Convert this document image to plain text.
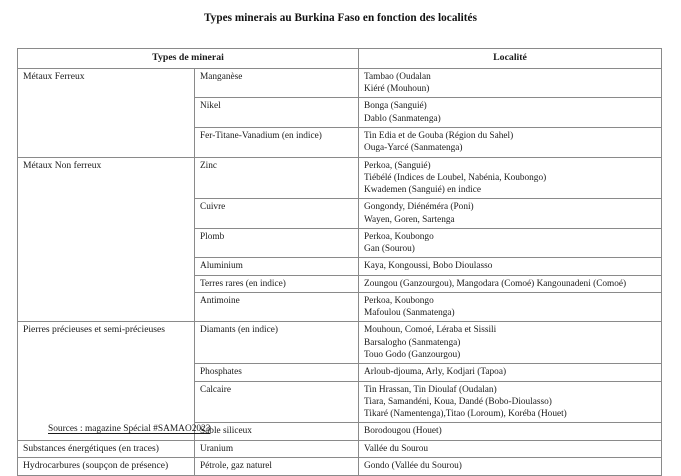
Types minerais au Burkina Faso en fonction des localités
Types de minerai		Localité
Métaux Ferreux	Manganèse	Tambao (Oudalan
Kiéré (Mouhoun)

	Nikel	Bonga (Sanguié)
Dablo (Sanmatenga)

	Fer-Titane-Vanadium (en indice)	Tin Edia et de Gouba (Région du Sahel)
Ouga-Yarcé (Sanmatenga)

Métaux Non ferreux	Zinc	Perkoa, (Sanguié)
Tiébélé (Indices de Loubel, Nabénia, Koubongo)
Kwademen (Sanguié) en indice

	Cuivre	Gongondy, Diénéméra (Poni)
Wayen, Goren, Sartenga

	Plomb	Perkoa, Koubongo
Gan (Sourou)

	Aluminium	Kaya, Kongoussi, Bobo Dioulasso

	Terres rares (en indice)	Zoungou (Ganzourgou), Mangodara (Comoé) Kangounadeni (Comoé)

	Antimoine	Perkoa, Koubongo
Mafoulou (Sanmatenga)

Pierres précieuses et semi-précieuses	Diamants (en indice)	Mouhoun, Comoé, Léraba et Sissili
Barsalogho (Sanmatenga)
Touo Godo (Ganzourgou)

	Phosphates	Arloub-djouma, Arly, Kodjari (Tapoa)

	Calcaire	Tin Hrassan, Tin Dioulaf (Oudalan)
Tiara, Samandéni, Koua, Dandé (Bobo-Dioulasso)
Tikaré (Namentenga),Titao (Loroum), Koréba (Houet)

	Sable siliceux	Borodougou (Houet)

Substances énergétiques (en traces)	Uranium	Vallée du Sourou

Hydrocarbures (soupçon de présence)	Pétrole, gaz naturel	Gondo (Vallée du Sourou)
Sources : magazine Spécial #SAMAO2023
